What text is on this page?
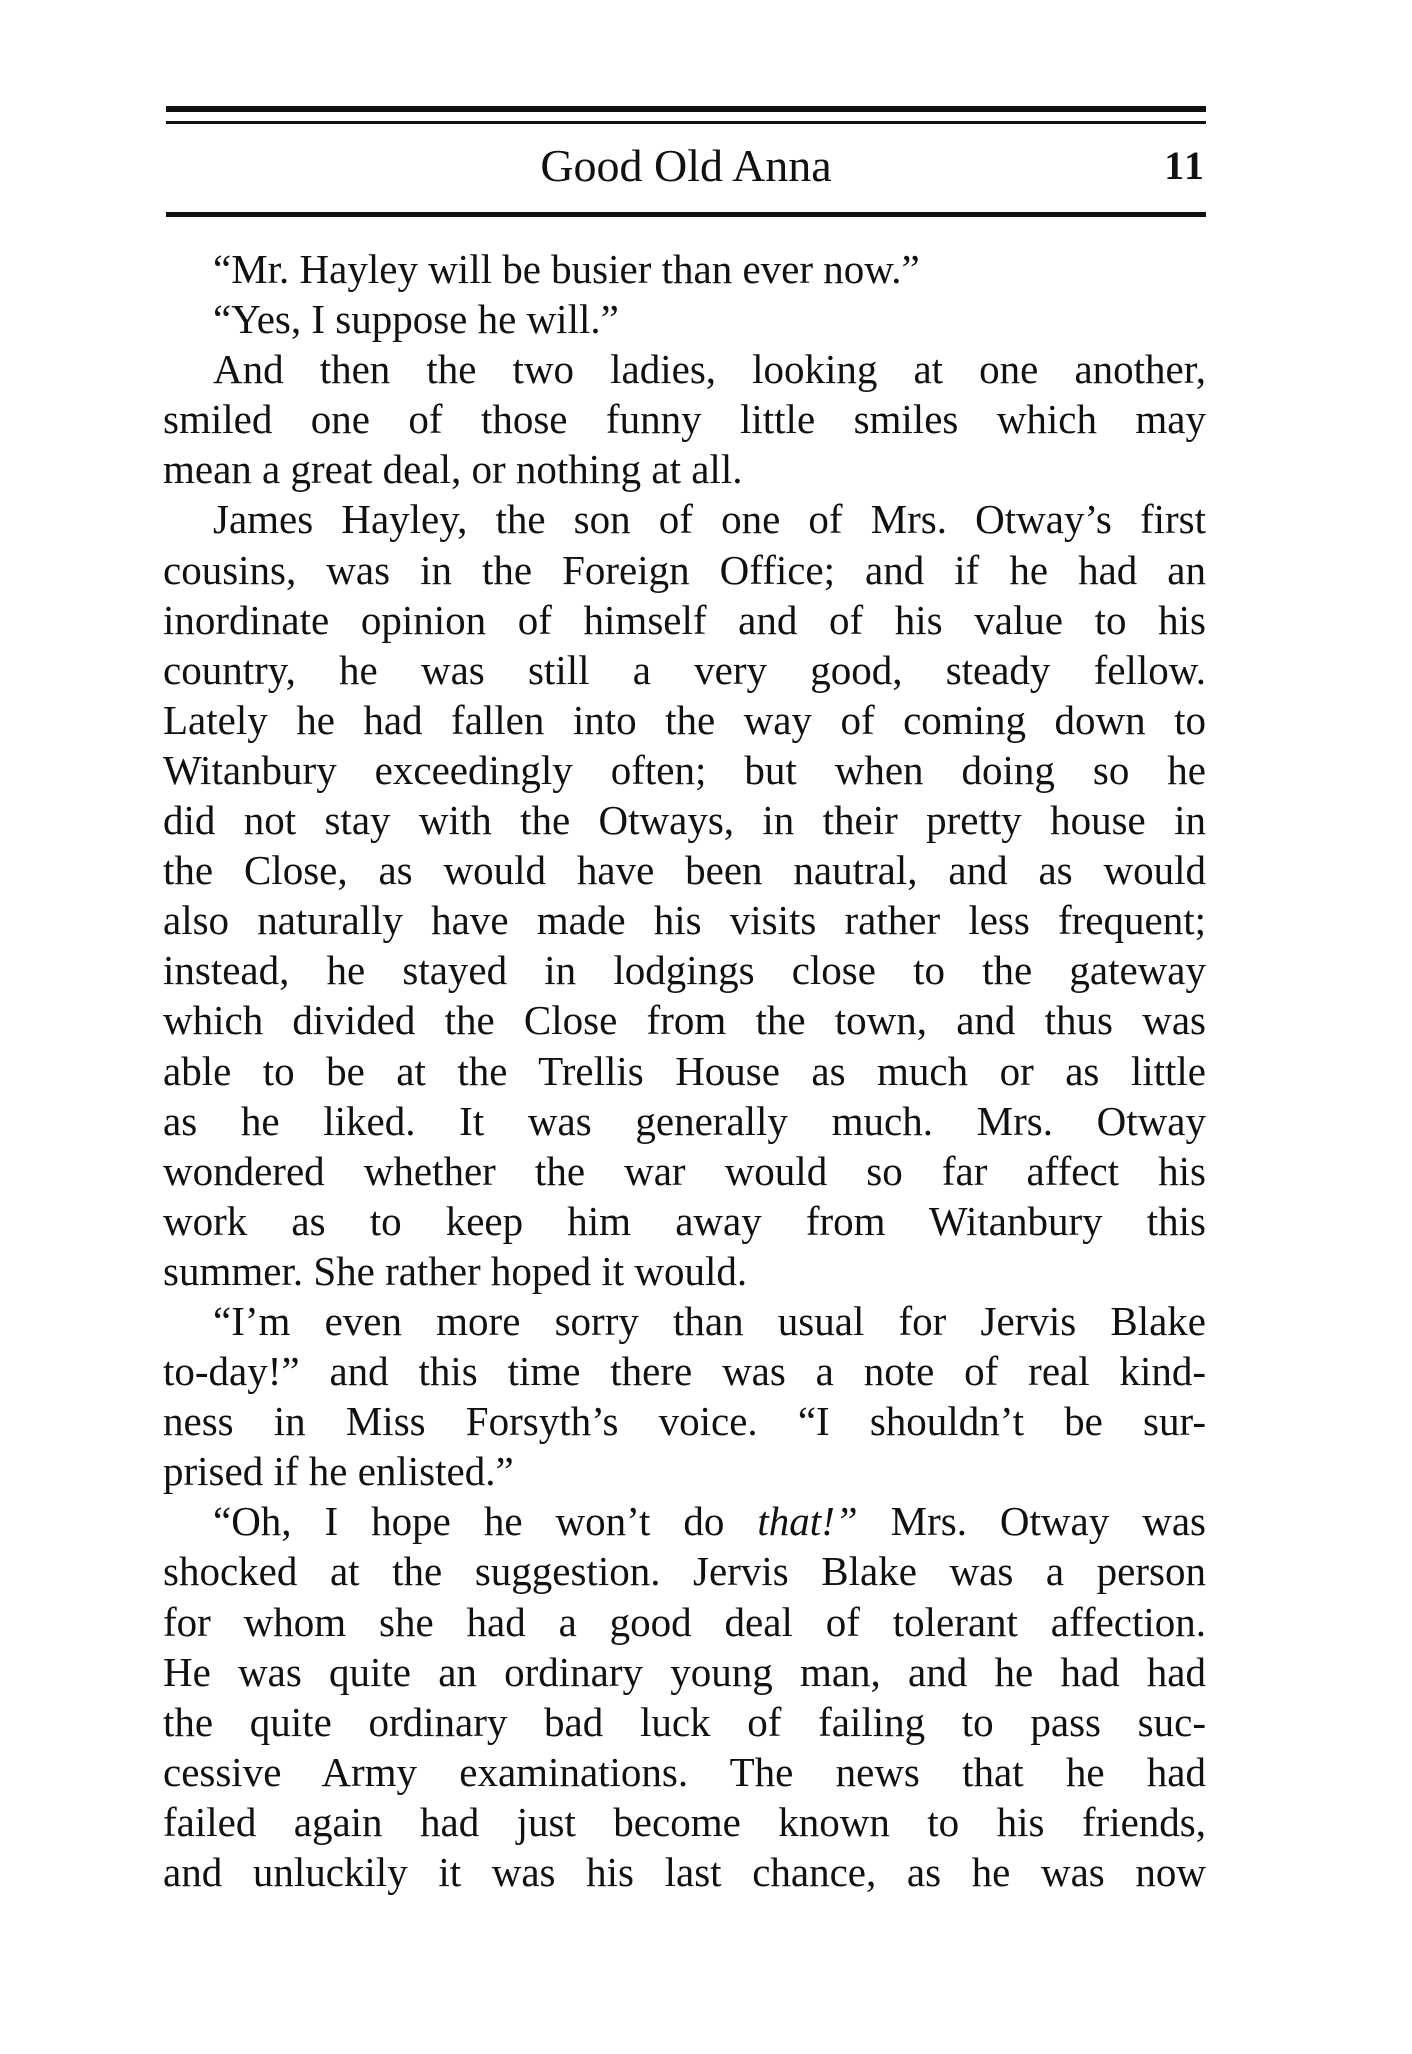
Good Old Anna	11
“Mr. Hayley will be busier than ever now.”
“Yes, I suppose he will.”
And then the two ladies, looking at one another,
smiled one of those funny little smiles which may
mean a great deal, or nothing at all.
James Hayley, the son of one of Mrs. Otway’s first
cousins, was in the Foreign Office; and if he had an
inordinate opinion of himself and of his value to his
country, he was still a very good, steady fellow.
Lately he had fallen into the way of coming down to
Witanbury exceedingly often; but when doing so he
did not stay with the Otways, in their pretty house in
the Close, as would have been nautral, and as would
also naturally have made his visits rather less frequent;
instead, he stayed in lodgings close to the gateway
which divided the Close from the town, and thus was
able to be at the Trellis House as much or as little
as he liked. It was generally much. Mrs. Otway
wondered whether the war would so far affect his
work as to keep him away from Witanbury this
summer. She rather hoped it would.
“I’m even more sorry than usual for Jervis Blake
to-day!” and this time there was a note of real kind-
ness in Miss Forsyth’s voice. “I shouldn’t be sur-
prised if he enlisted.”
“Oh, I hope he won’t do that!” Mrs. Otway was
shocked at the suggestion. Jervis Blake was a person
for whom she had a good deal of tolerant affection.
He was quite an ordinary young man, and he had had
the quite ordinary bad luck of failing to pass suc-
cessive Army examinations. The news that he had
failed again had just become known to his friends,
and unluckily it was his last chance, as he was now
